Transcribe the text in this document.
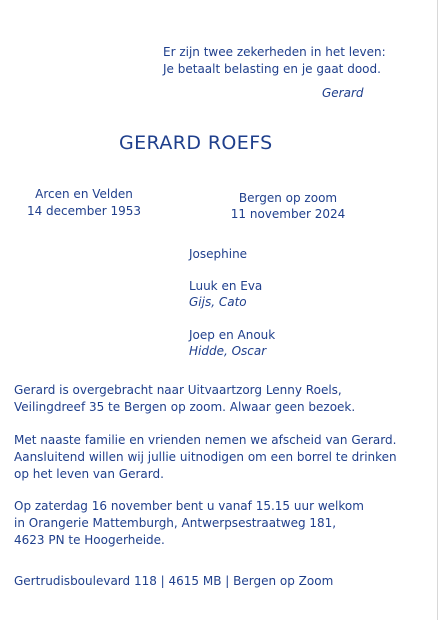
Er zijn twee zekerheden in het leven:
Je betaalt belasting en je gaat dood.
Gerard
GERARD ROEFS
Arcen en Velden
14 december 1953
Bergen op zoom
11 november 2024
Josephine
Luuk en Eva
Gijs, Cato
Joep en Anouk
Hidde, Oscar
Gerard is overgebracht naar Uitvaartzorg Lenny Roels,
Veilingdreef 35 te Bergen op zoom. Alwaar geen bezoek.
Met naaste familie en vrienden nemen we afscheid van Gerard.
Aansluitend willen wij jullie uitnodigen om een borrel te drinken
op het leven van Gerard.
Op zaterdag 16 november bent u vanaf 15.15 uur welkom
in Orangerie Mattemburgh, Antwerpsestraatweg 181,
4623 PN te Hoogerheide.
Gertrudisboulevard 118 | 4615 MB | Bergen op Zoom
